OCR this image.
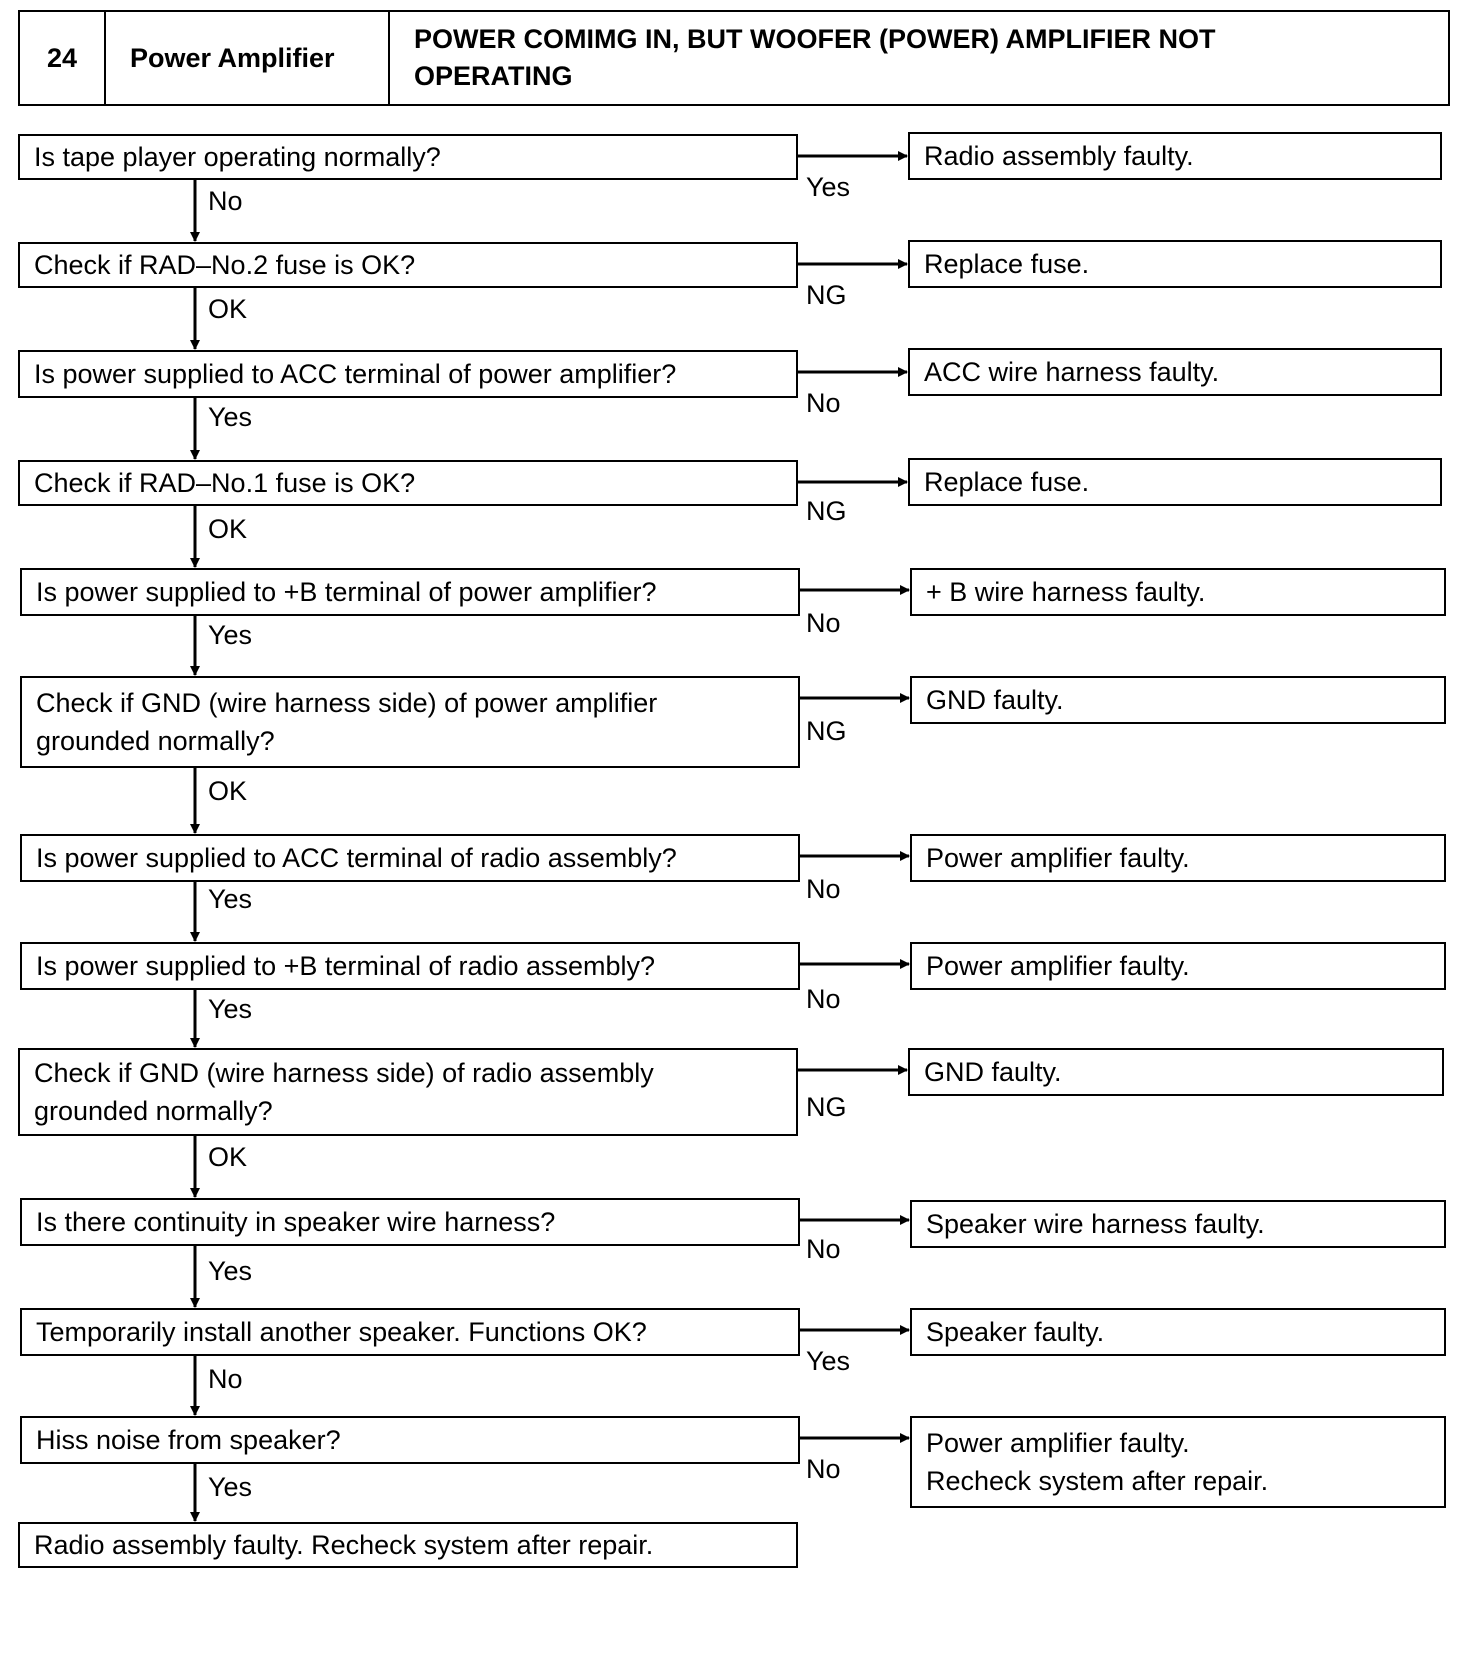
24 Power Amplifier
POWER COMIMG IN, BUT WOOFER (POWER) AMPLIFIER NOT
OPERATING
Is tape player operating normally?
Check if RAD–No.2 fuse is OK?
Is power supplied to ACC terminal of power amplifier?
Check if RAD–No.1 fuse is OK?
Is power supplied to +B terminal of power amplifier?
Check if GND (wire harness side) of power amplifier
grounded normally?
Is power supplied to ACC terminal of radio assembly?
Is power supplied to +B terminal of radio assembly?
Check if GND (wire harness side) of radio assembly
grounded normally?
Is there continuity in speaker wire harness?
Temporarily install another speaker. Functions OK?
Hiss noise from speaker?
Radio assembly faulty. Recheck system after repair.
Radio assembly faulty.
Replace fuse.
ACC wire harness faulty.
Replace fuse.
+ B wire harness faulty.
GND faulty.
Power amplifier faulty.
Power amplifier faulty.
GND faulty.
Speaker wire harness faulty.
Speaker faulty.
Power amplifier faulty.
Recheck system after repair.
Yes
NG
No
NG
No
NG
No
No
NG
No
Yes
No
No
OK
Yes
OK
Yes
OK
Yes
Yes
OK
Yes
No
Yes
